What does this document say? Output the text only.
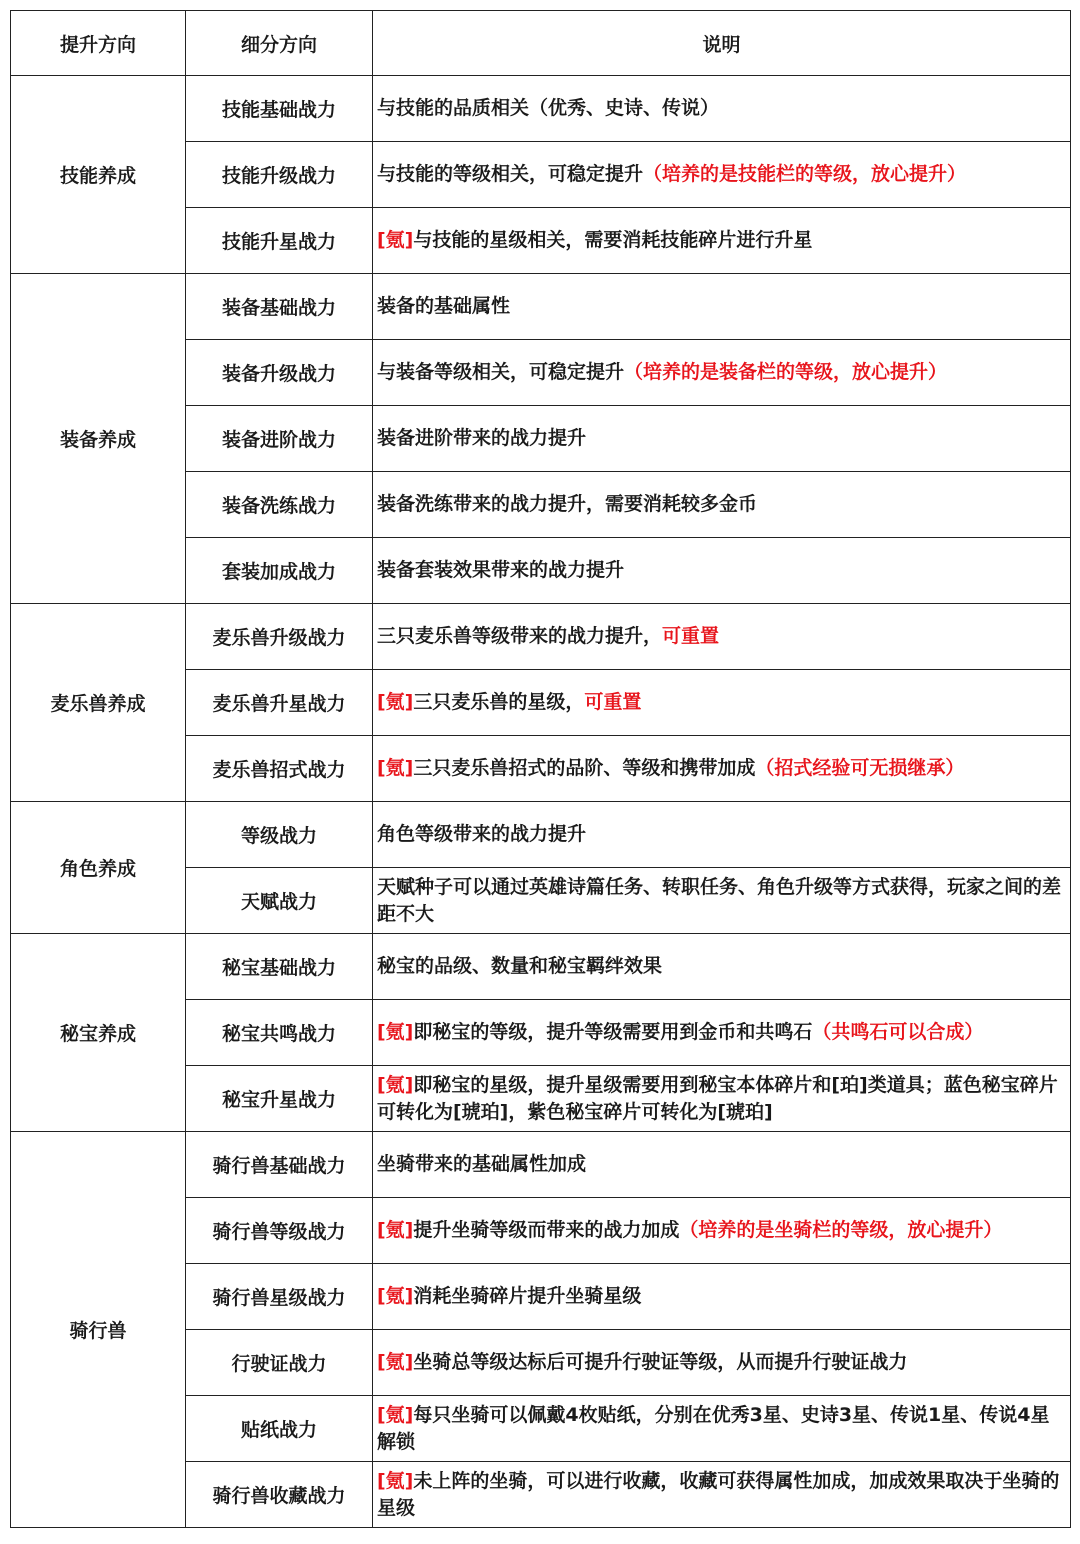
提升方向	细分方向	说明
技能养成	技能基础战力	与技能的品质相关（优秀、史诗、传说）
	技能升级战力	与技能的等级相关，可稳定提升（培养的是技能栏的等级，放心提升）
	技能升星战力	[氪]与技能的星级相关，需要消耗技能碎片进行升星
装备养成	装备基础战力	装备的基础属性
	装备升级战力	与装备等级相关，可稳定提升（培养的是装备栏的等级，放心提升）
	装备进阶战力	装备进阶带来的战力提升
	装备洗练战力	装备洗练带来的战力提升，需要消耗较多金币
	套装加成战力	装备套装效果带来的战力提升
麦乐兽养成	麦乐兽升级战力	三只麦乐兽等级带来的战力提升，可重置
	麦乐兽升星战力	[氪]三只麦乐兽的星级，可重置
	麦乐兽招式战力	[氪]三只麦乐兽招式的品阶、等级和携带加成（招式经验可无损继承）
角色养成	等级战力	角色等级带来的战力提升
	天赋战力	天赋种子可以通过英雄诗篇任务、转职任务、角色升级等方式获得，玩家之间的差距不大
秘宝养成	秘宝基础战力	秘宝的品级、数量和秘宝羁绊效果
	秘宝共鸣战力	[氪]即秘宝的等级，提升等级需要用到金币和共鸣石（共鸣石可以合成）
	秘宝升星战力	[氪]即秘宝的星级，提升星级需要用到秘宝本体碎片和[珀]类道具；蓝色秘宝碎片可转化为[琥珀]，紫色秘宝碎片可转化为[琥珀]
骑行兽	骑行兽基础战力	坐骑带来的基础属性加成
	骑行兽等级战力	[氪]提升坐骑等级而带来的战力加成（培养的是坐骑栏的等级，放心提升）
	骑行兽星级战力	[氪]消耗坐骑碎片提升坐骑星级
	行驶证战力	[氪]坐骑总等级达标后可提升行驶证等级，从而提升行驶证战力
	贴纸战力	[氪]每只坐骑可以佩戴4枚贴纸，分别在优秀3星、史诗3星、传说1星、传说4星解锁
	骑行兽收藏战力	[氪]未上阵的坐骑，可以进行收藏，收藏可获得属性加成，加成效果取决于坐骑的星级
